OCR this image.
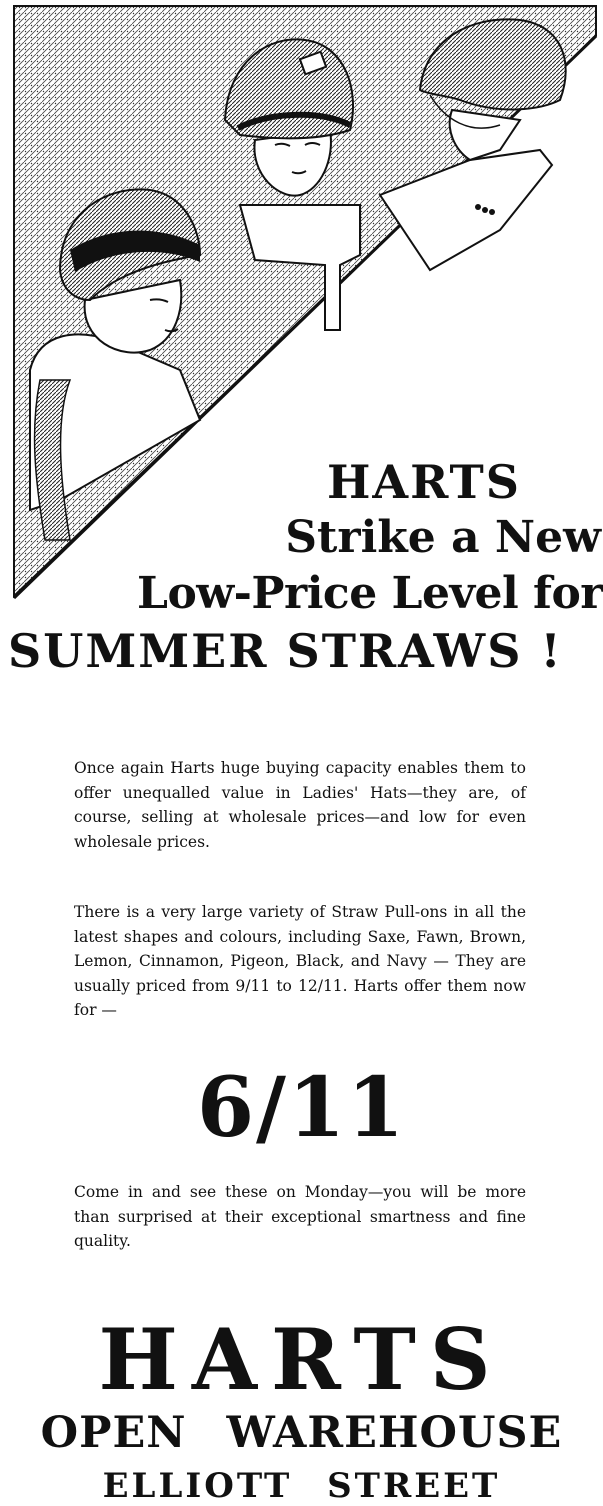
HARTS
Strike a New
Low-Price Level for
SUMMER STRAWS !

Once again Harts huge buying capacity enables them to offer unequalled value in Ladies' Hats—they are, of course, selling at wholesale prices—and low for even wholesale prices.

There is a very large variety of Straw Pull-ons in all the latest shapes and colours, including Saxe, Fawn, Brown, Lemon, Cinnamon, Pigeon, Black, and Navy — They are usually priced from 9/11 to 12/11. Harts offer them now for —

6/11

Come in and see these on Monday—you will be more than surprised at their exceptional smartness and fine quality.

HARTS
OPEN WAREHOUSE
ELLIOTT STREET
